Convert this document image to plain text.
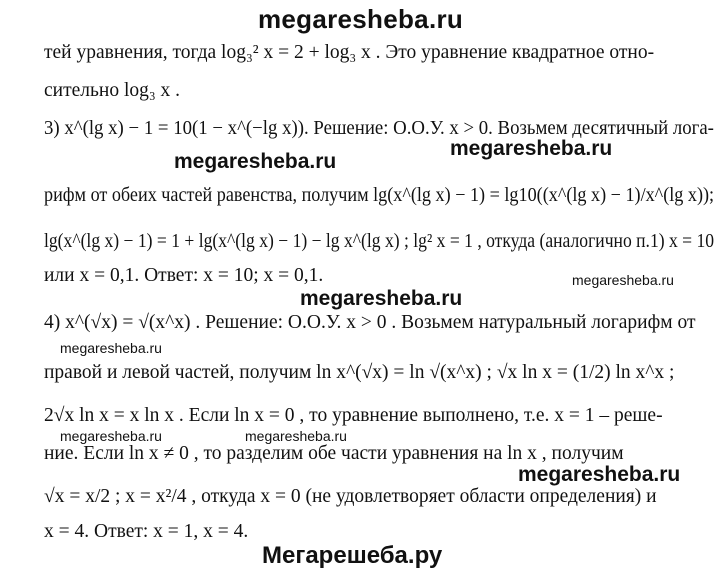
megaresheba.ru
megaresheba.ru
megaresheba.ru
megaresheba.ru
megaresheba.ru
megaresheba.ru
megaresheba.ru	megaresheba.ru
megaresheba.ru
тей уравнения, тогда log₃² x = 2 + log₃ x . Это уравнение квадратное отно-
сительно log₃ x .
3) x^(lg x) − 1 = 10(1 − x^(−lg x)). Решение: О.О.У. x > 0. Возьмем десятичный лога-
рифм от обеих частей равенства, получим lg(x^(lg x) − 1) = lg10((x^(lg x) − 1)/x^(lg x));
lg(x^(lg x) − 1) = 1 + lg(x^(lg x) − 1) − lg x^(lg x) ; lg² x = 1 , откуда (аналогично п.1) x = 10
или x = 0,1. Ответ: x = 10; x = 0,1.
4) x^(√x) = √(x^x) . Решение: О.О.У. x > 0 . Возьмем натуральный логарифм от
правой и левой частей, получим ln x^(√x) = ln √(x^x) ; √x ln x = (1/2) ln x^x ;
2√x ln x = x ln x . Если ln x = 0 , то уравнение выполнено, т.е. x = 1 – реше-
ние. Если ln x ≠ 0 , то разделим обе части уравнения на ln x , получим
√x = x/2 ; x = x²/4 , откуда x = 0 (не удовлетворяет области определения) и
x = 4. Ответ: x = 1, x = 4.
Мегарешеба.ру
